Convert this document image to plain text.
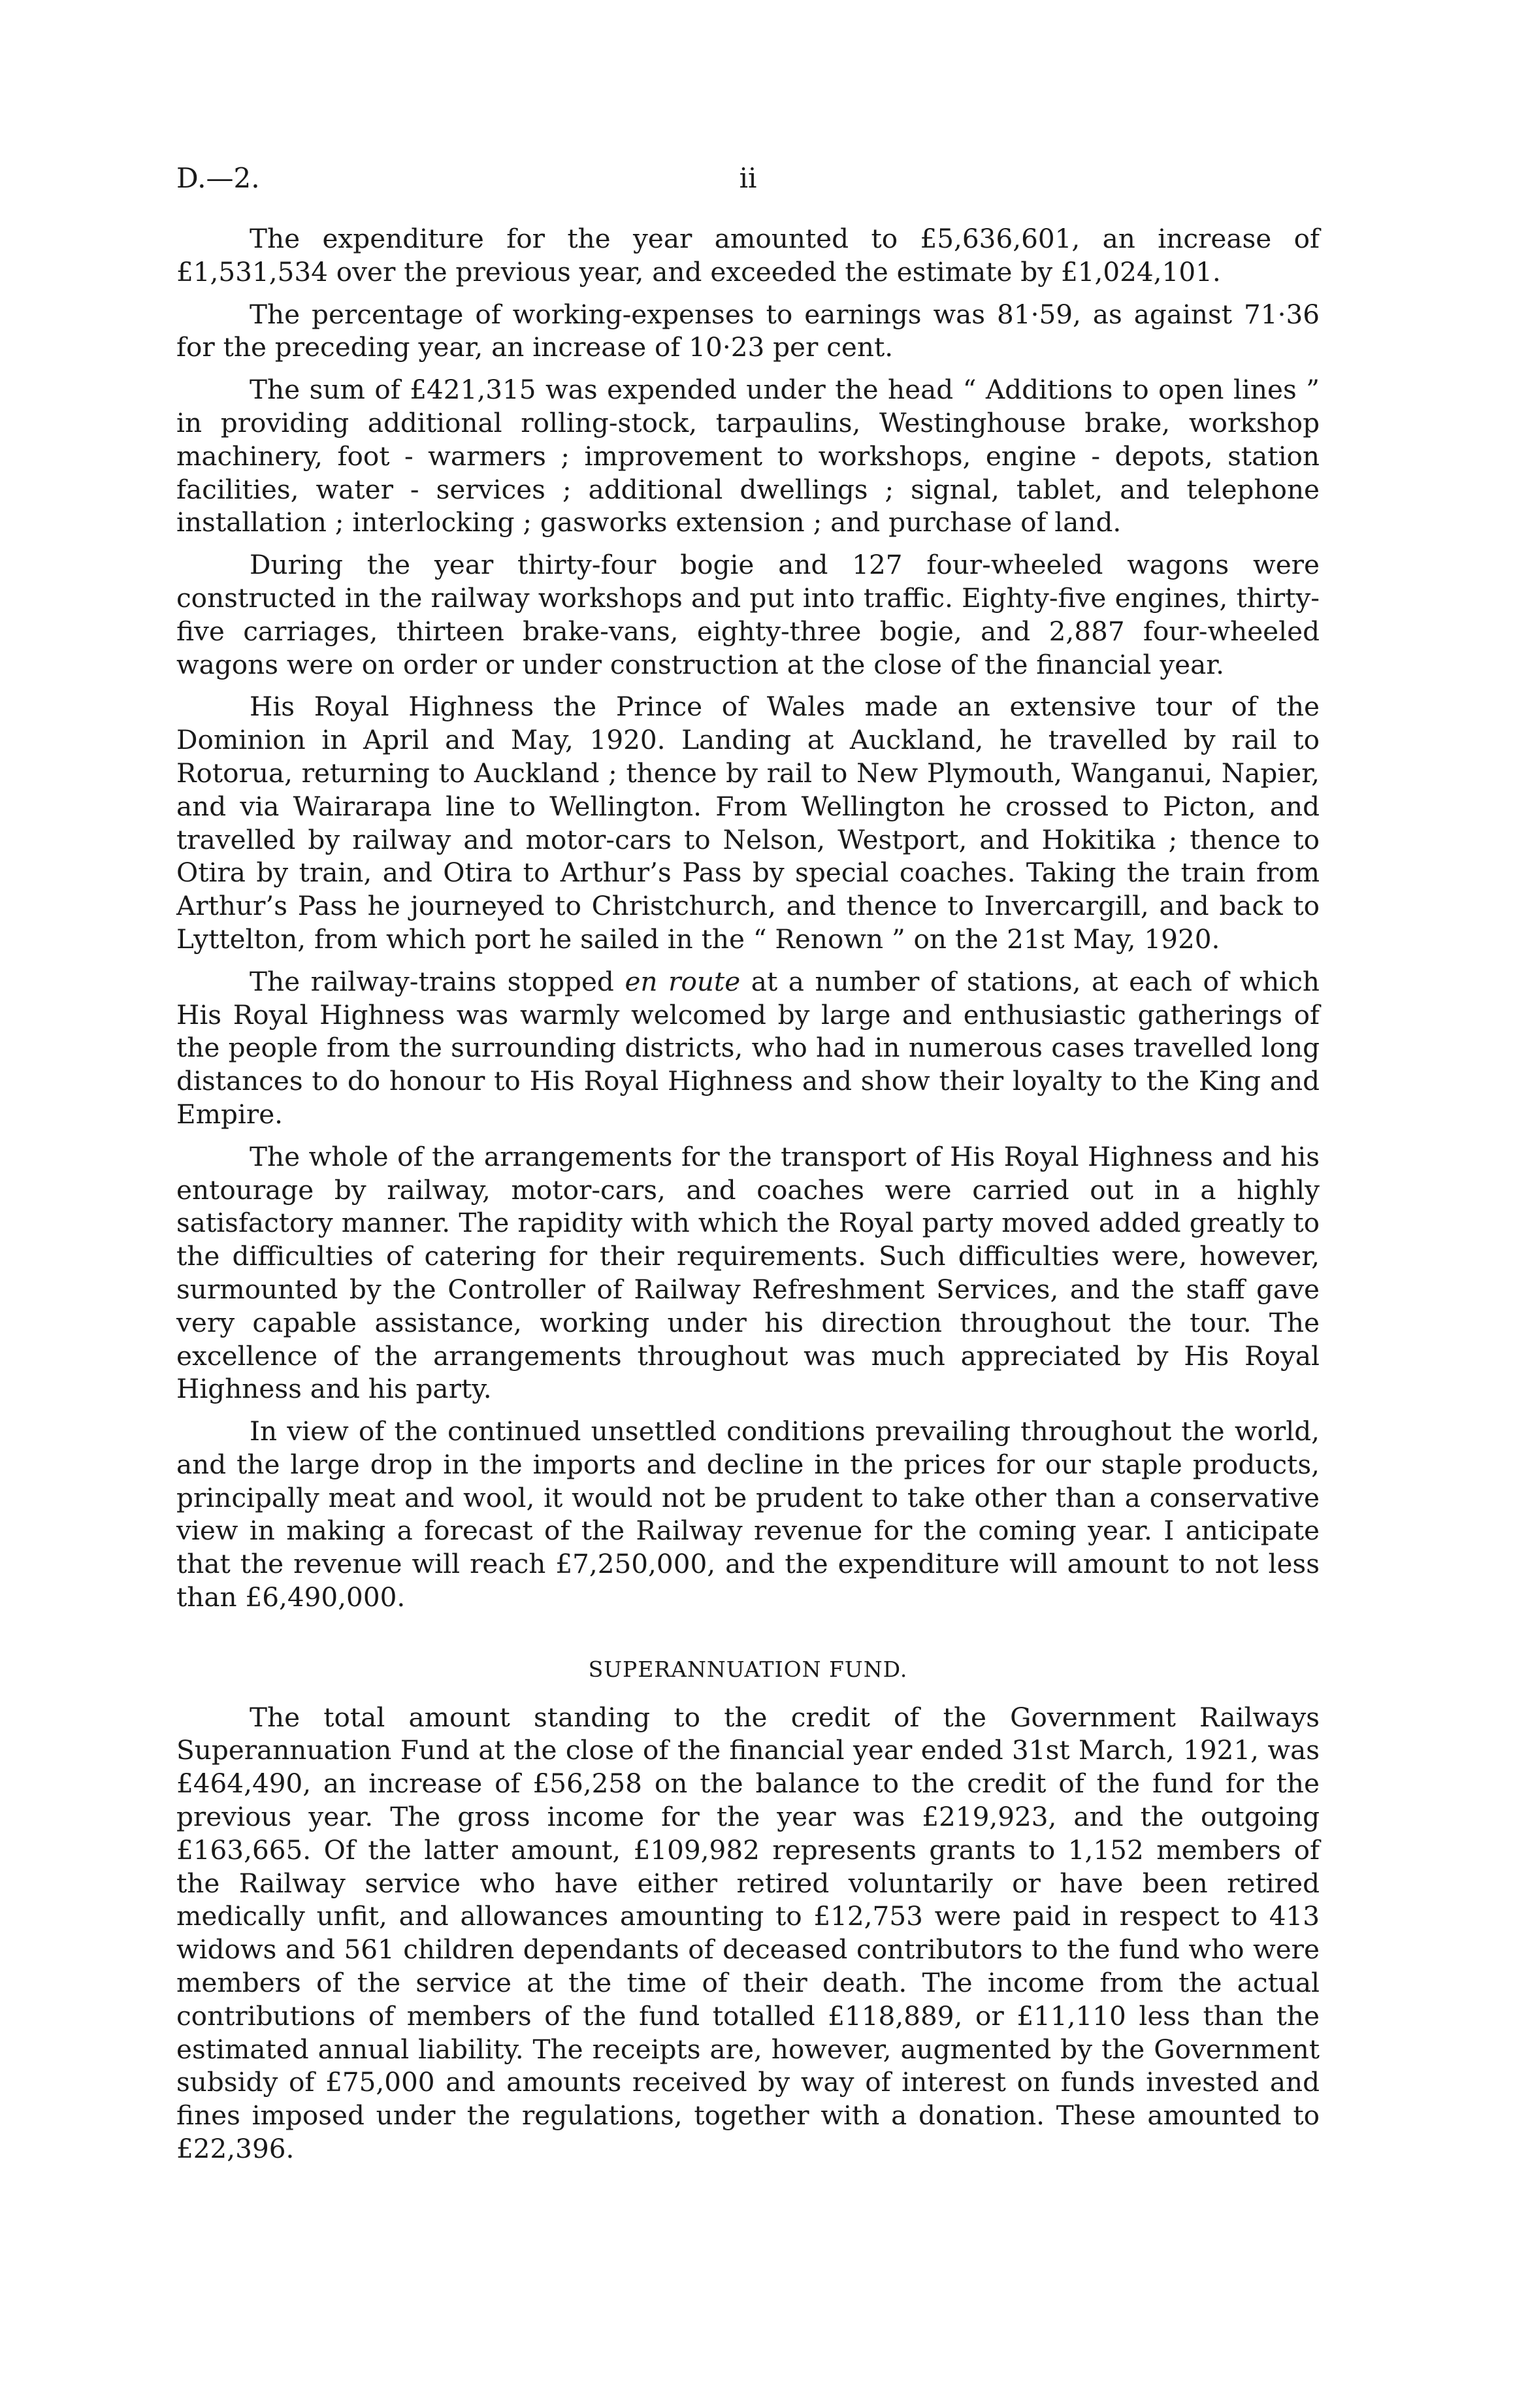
D.—2.	ii

The expenditure for the year amounted to £5,636,601, an increase of £1,531,534 over the previous year, and exceeded the estimate by £1,024,101.

The percentage of working-expenses to earnings was 81·59, as against 71·36 for the preceding year, an increase of 10·23 per cent.

The sum of £421,315 was expended under the head “ Additions to open lines ” in providing additional rolling-stock, tarpaulins, Westinghouse brake, workshop machinery, foot - warmers ; improvement to workshops, engine - depots, station facilities, water - services ; additional dwellings ; signal, tablet, and telephone installation ; interlocking ; gasworks extension ; and purchase of land.

During the year thirty-four bogie and 127 four-wheeled wagons were constructed in the railway workshops and put into traffic. Eighty-five engines, thirty-five carriages, thirteen brake-vans, eighty-three bogie, and 2,887 four-wheeled wagons were on order or under construction at the close of the financial year.

His Royal Highness the Prince of Wales made an extensive tour of the Dominion in April and May, 1920. Landing at Auckland, he travelled by rail to Rotorua, returning to Auckland ; thence by rail to New Plymouth, Wanganui, Napier, and via Wairarapa line to Wellington. From Wellington he crossed to Picton, and travelled by railway and motor-cars to Nelson, Westport, and Hokitika ; thence to Otira by train, and Otira to Arthur’s Pass by special coaches. Taking the train from Arthur’s Pass he journeyed to Christchurch, and thence to Invercargill, and back to Lyttelton, from which port he sailed in the “ Renown ” on the 21st May, 1920.

The railway-trains stopped en route at a number of stations, at each of which His Royal Highness was warmly welcomed by large and enthusiastic gatherings of the people from the surrounding districts, who had in numerous cases travelled long distances to do honour to His Royal Highness and show their loyalty to the King and Empire.

The whole of the arrangements for the transport of His Royal Highness and his entourage by railway, motor-cars, and coaches were carried out in a highly satisfactory manner. The rapidity with which the Royal party moved added greatly to the difficulties of catering for their requirements. Such difficulties were, however, surmounted by the Controller of Railway Refreshment Services, and the staff gave very capable assistance, working under his direction throughout the tour. The excellence of the arrangements throughout was much appreciated by His Royal Highness and his party.

In view of the continued unsettled conditions prevailing throughout the world, and the large drop in the imports and decline in the prices for our staple products, principally meat and wool, it would not be prudent to take other than a conservative view in making a forecast of the Railway revenue for the coming year. I anticipate that the revenue will reach £7,250,000, and the expenditure will amount to not less than £6,490,000.

SUPERANNUATION FUND.

The total amount standing to the credit of the Government Railways Superannuation Fund at the close of the financial year ended 31st March, 1921, was £464,490, an increase of £56,258 on the balance to the credit of the fund for the previous year. The gross income for the year was £219,923, and the outgoing £163,665. Of the latter amount, £109,982 represents grants to 1,152 members of the Railway service who have either retired voluntarily or have been retired medically unfit, and allowances amounting to £12,753 were paid in respect to 413 widows and 561 children dependants of deceased contributors to the fund who were members of the service at the time of their death. The income from the actual contributions of members of the fund totalled £118,889, or £11,110 less than the estimated annual liability. The receipts are, however, augmented by the Government subsidy of £75,000 and amounts received by way of interest on funds invested and fines imposed under the regulations, together with a donation. These amounted to £22,396.
